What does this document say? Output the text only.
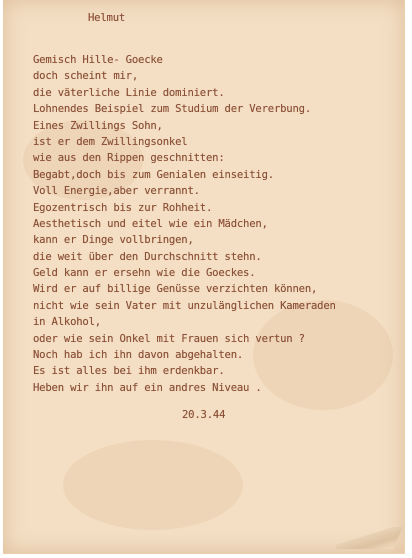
Helmut
Gemisch Hille- Goecke
doch scheint mir,
die väterliche Linie dominiert.
Lohnendes Beispiel zum Studium der Vererbung.
Eines Zwillings Sohn,
ist er dem Zwillingsonkel
wie aus den Rippen geschnitten:
Begabt,doch bis zum Genialen einseitig.
Voll Energie,aber verrannt.
Egozentrisch bis zur Rohheit.
Aesthetisch und eitel wie ein Mädchen,
kann er Dinge vollbringen,
die weit über den Durchschnitt stehn.
Geld kann er ersehn wie die Goeckes.
Wird er auf billige Genüsse verzichten können,
nicht wie sein Vater mit unzulänglichen Kameraden
in Alkohol,
oder wie sein Onkel mit Frauen sich vertun ?
Noch hab ich ihn davon abgehalten.
Es ist alles bei ihm erdenkbar.
Heben wir ihn auf ein andres Niveau .
20.3.44
